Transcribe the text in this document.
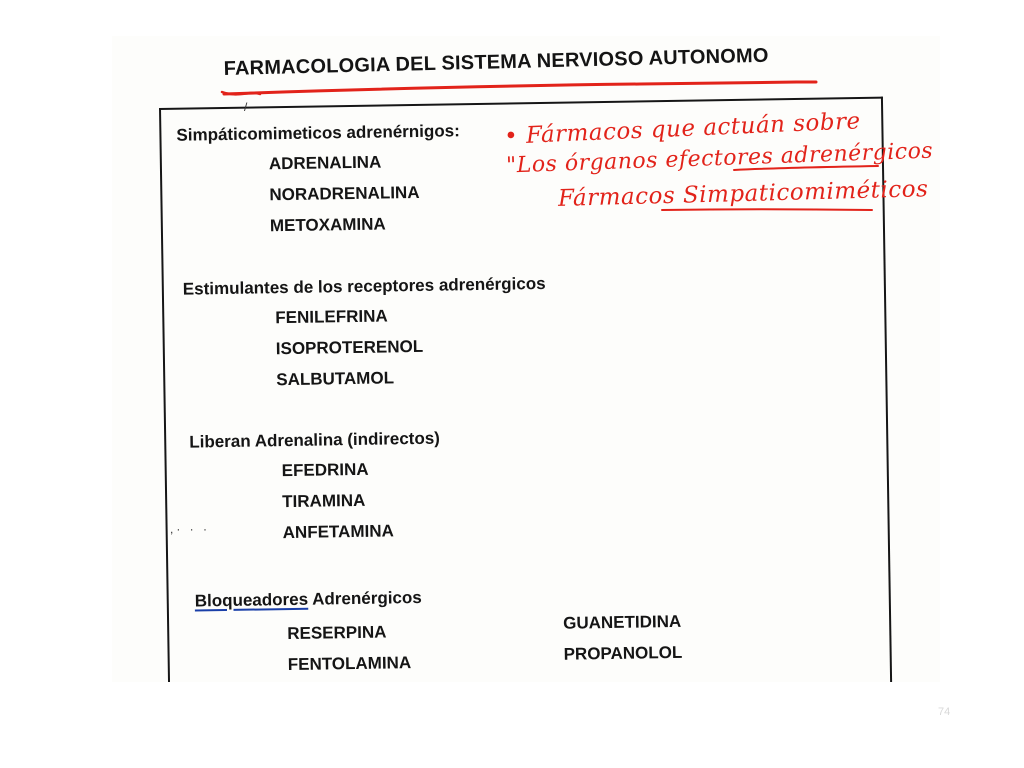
FARMACOLOGIA DEL SISTEMA NERVIOSO AUTONOMO
Simpáticomimeticos adrenérnigos:
ADRENALINA
NORADRENALINA
METOXAMINA
Estimulantes de los receptores adrenérgicos
FENILEFRINA
ISOPROTERENOL
SALBUTAMOL
Liberan Adrenalina (indirectos)
EFEDRINA
TIRAMINA
ANFETAMINA
Bloqueadores Adrenérgicos
RESERPINA
FENTOLAMINA
GUANETIDINA
PROPANOLOL
• Fármacos que actuán sobre
"Los órganos efectores adrenérgicos
Fármacos Simpaticomiméticos
/
,· · ·
74
